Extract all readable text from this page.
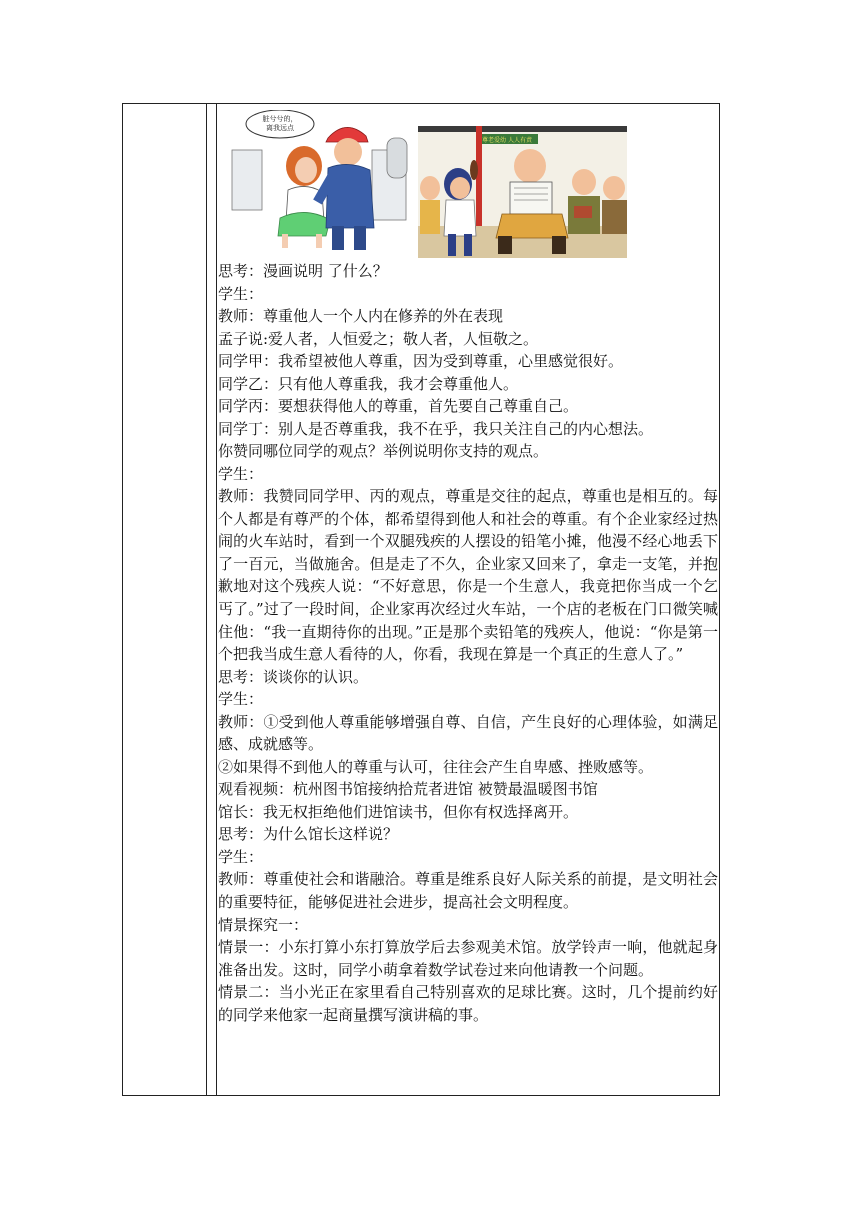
脏兮兮的，
离我远点
尊老爱幼 人人有责
思考：漫画说明 了什么？
学生：
教师：尊重他人一个人内在修养的外在表现
孟子说:爱人者，人恒爱之；敬人者，人恒敬之。
同学甲：我希望被他人尊重，因为受到尊重，心里感觉很好。
同学乙：只有他人尊重我，我才会尊重他人。
同学丙：要想获得他人的尊重，首先要自己尊重自己。
同学丁：别人是否尊重我，我不在乎，我只关注自己的内心想法。
你赞同哪位同学的观点？举例说明你支持的观点。
学生：
教师：我赞同同学甲、丙的观点，尊重是交往的起点，尊重也是相互的。每个人都是有尊严的个体，都希望得到他人和社会的尊重。有个企业家经过热闹的火车站时，看到一个双腿残疾的人摆设的铅笔小摊，他漫不经心地丢下了一百元，当做施舍。但是走了不久，企业家又回来了，拿走一支笔，并抱歉地对这个残疾人说：“不好意思，你是一个生意人，我竟把你当成一个乞丐了。”过了一段时间，企业家再次经过火车站，一个店的老板在门口微笑喊住他：“我一直期待你的出现。”正是那个卖铅笔的残疾人，他说：“你是第一个把我当成生意人看待的人，你看，我现在算是一个真正的生意人了。”
思考：谈谈你的认识。
学生：
教师：①受到他人尊重能够增强自尊、自信，产生良好的心理体验，如满足感、成就感等。
②如果得不到他人的尊重与认可，往往会产生自卑感、挫败感等。
观看视频：杭州图书馆接纳拾荒者进馆 被赞最温暖图书馆
馆长：我无权拒绝他们进馆读书，但你有权选择离开。
思考：为什么馆长这样说？
学生：
教师：尊重使社会和谐融洽。尊重是维系良好人际关系的前提，是文明社会的重要特征，能够促进社会进步，提高社会文明程度。
情景探究一：
情景一：小东打算小东打算放学后去参观美术馆。放学铃声一响，他就起身准备出发。这时，同学小萌拿着数学试卷过来向他请教一个问题。
情景二：当小光正在家里看自己特别喜欢的足球比赛。这时，几个提前约好的同学来他家一起商量撰写演讲稿的事。
